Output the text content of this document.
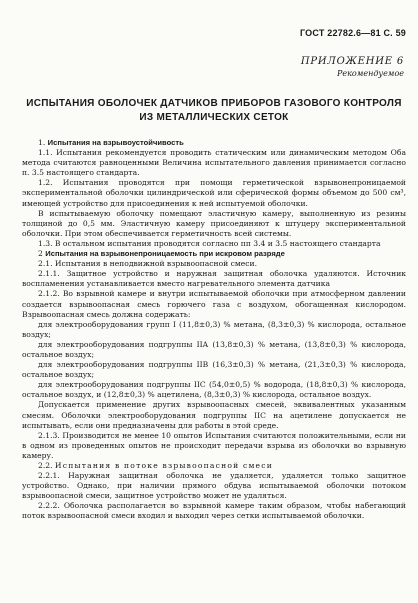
ГОСТ 22782.6—81 С. 59
ПРИЛОЖЕНИЕ 6
Рекомендуемое
ИСПЫТАНИЯ ОБОЛОЧЕК ДАТЧИКОВ ПРИБОРОВ ГАЗОВОГО КОНТРОЛЯ
ИЗ МЕТАЛЛИЧЕСКИХ СЕТОК

1. Испытания на взрывоустойчивость

1.1. Испытания рекомендуется проводить статическим или динамическим методом Оба метода считаются равноценными Величина испытательного давления принимается согласно п. 3.5 настоящего стандарта.

1.2. Испытания проводятся при помощи герметической взрывонепроницаемой экспериментальной оболочки цилиндрической или сферической формы объемом до 500 см³, имеющей устройство для присоединения к ней испытуемой оболочки.

В испытываемую оболочку помещают эластичную камеру, выполненную из резины толщиной до 0,5 мм. Эластичную камеру присоединяют к штуцеру экспериментальной оболочки. При этом обеспечивается герметичность всей системы.

1.3. В остальном испытания проводятся согласно пп 3.4 и 3.5 настоящего стандарта

2 Испытания на взрывонепроницаемость при искровом разряде

2.1. Испытания в неподвижной взрывоопасной смеси.

2.1.1. Защитное устройство и наружная защитная оболочка удаляются. Источник воспламенения устанавливается вместо нагревательного элемента датчика

2.1.2. Во взрывной камере и внутри испытываемой оболочки при атмосферном давлении создается взрывоопасная смесь горючего газа с воздухом, обогащенная кислородом. Взрывоопасная смесь должна содержать:

для электрооборудования групп I (11,8±0,3) % метана, (8,3±0,3) % кислорода, остальное воздух;

для электрооборудования подгруппы IIA (13,8±0,3) % метана, (13,8±0,3) % кислорода, остальное воздух;

для электрооборудования подгруппы IIB (16,3±0,3) % метана, (21,3±0,3) % кислорода, остальное воздух;

для электрооборудования подгруппы IIC (54,0±0,5) % водорода, (18,8±0,3) % кислорода, остальное воздух, и (12,8±0,3) % ацетилена, (8,3±0,3) % кислорода, остальное воздух.

Допускается применение других взрывоопасных смесей, эквивалентных указанным смесям. Оболочки электрооборудования подгруппы IIC на ацетилене допускается не испытывать, если они предназначены для работы в этой среде.

2.1.3. Производится не менее 10 опытов Испытания считаются положительными, если ни в одном из проведенных опытов не происходит передачи взрыва из оболочки во взрывную камеру.

2.2. Испытания в потоке взрывоопасной смеси

2.2.1. Наружная защитная оболочка не удаляется, удаляется только защитное устройство. Однако, при наличии прямого обдува испытываемой оболочки потоком взрывоопасной смеси, защитное устройство может не удаляться.

2.2.2. Оболочка располагается во взрывной камере таким образом, чтобы набегающий поток взрывоопасной смеси входил и выходил через сетки испытываемой оболочки.
